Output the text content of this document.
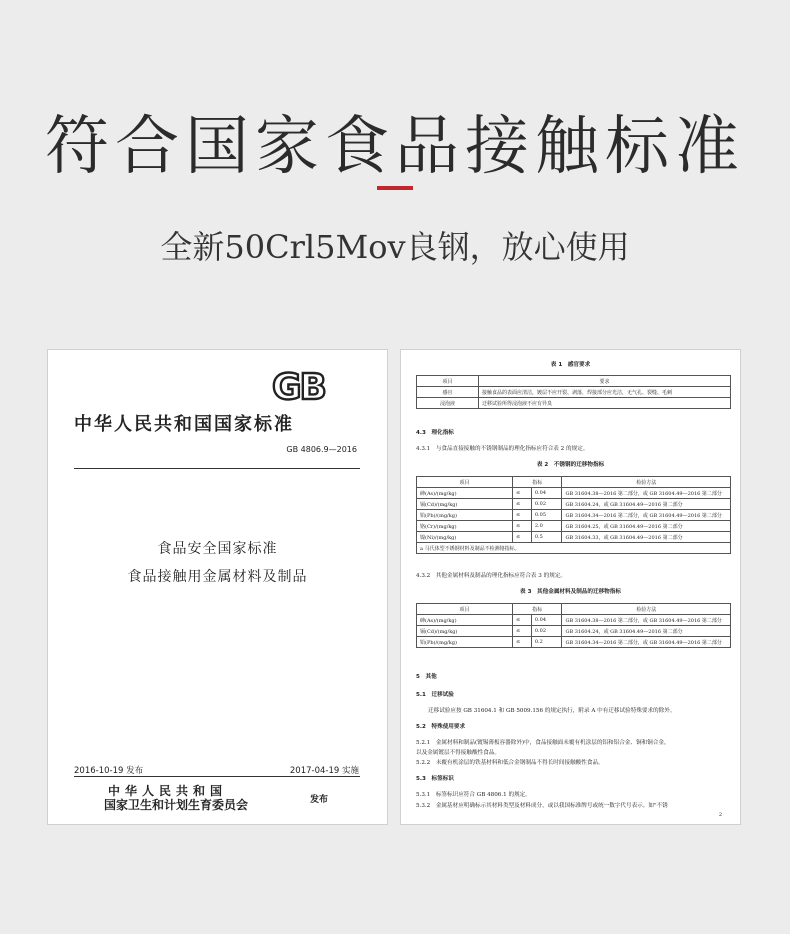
符合国家食品接触标准
全新50Crl5Mov良钢，放心使用
GB
中华人民共和国国家标准
GB 4806.9—2016
食品安全国家标准
食品接触用金属材料及制品
2016-10-19 发布	2017-04-19 实施
中华人民共和国
国家卫生和计划生育委员会	发布
表 1　感官要求
项目	要求
感官	接触食品的表面应清洁，镀层不应开裂、剥落，焊接部分应光洁，无气孔、裂缝、毛刺
浸泡液	迁移试验所得浸泡液不应有异臭
4.3　理化指标
4.3.1　与食品直接接触的不锈钢制品的理化指标应符合表 2 的规定。
表 2　不锈钢的迁移物指标
项目	指标		检验方法
砷(As)/(mg/kg)	≤	0.04	GB 31604.38—2016 第二部分，或 GB 31604.49—2016 第二部分
镉(Cd)/(mg/kg)	≤	0.02	GB 31604.24，或 GB 31604.49—2016 第二部分
铅(Pb)/(mg/kg)	≤	0.05	GB 31604.34—2016 第二部分，或 GB 31604.49—2016 第二部分
铬(Cr)/(mg/kg)	≤	2.0	GB 31604.25，或 GB 31604.49—2016 第二部分
镍(Ni)/(mg/kg)	≤	0.5	GB 31604.33，或 GB 31604.49—2016 第二部分
a 马氏体型不锈钢材料及制品不检测铬指标。			
4.3.2　其他金属材料及制品的理化指标应符合表 3 的规定。
表 3　其他金属材料及制品的迁移物指标
项目	指标		检验方法
砷(As)/(mg/kg)	≤	0.04	GB 31604.38—2016 第二部分，或 GB 31604.49—2016 第二部分
镉(Cd)/(mg/kg)	≤	0.02	GB 31604.24，或 GB 31604.49—2016 第二部分
铅(Pb)/(mg/kg)	≤	0.2	GB 31604.34—2016 第二部分，或 GB 31604.49—2016 第二部分
5　其他
5.1　迁移试验
迁移试验应按 GB 31604.1 和 GB 5009.156 的规定执行，附录 A 中有迁移试验特殊要求的除外。
5.2　特殊使用要求
5.2.1　金属材料和制品(镀锡薄板容器除外)中，食品接触面未覆有机涂层的铝和铝合金、铜和铜合金，
以及金属镀层不得接触酸性食品。
5.2.2　未覆有机涂层的铁基材料和低合金钢制品不得长时间接触酸性食品。
5.3　标签标识
5.3.1　标签标识应符合 GB 4806.1 的规定。
5.3.2　金属基材应明确标示其材料类型及材料成分，或以我国标准牌号或统一数字代号表示。如"不锈
2
